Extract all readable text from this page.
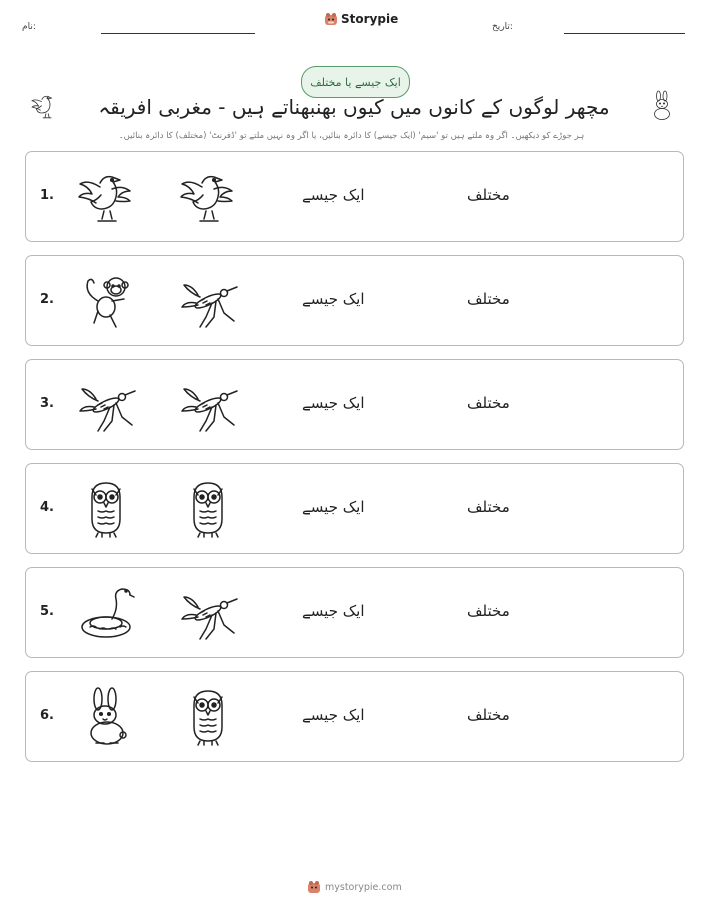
نام:
Storypie
تاریخ:
ایک جیسے یا مختلف
مچھر لوگوں کے کانوں میں کیوں بھنبھناتے ہیں - مغربی افریقہ
ہر جوڑے کو دیکھیں۔ اگر وہ ملتے ہیں تو 'سیم' (ایک جیسے) کا دائرہ بنائیں، یا اگر وہ نہیں ملتے تو 'ڈفرنٹ' (مختلف) کا دائرہ بنائیں۔
1.	ایک جیسے	مختلف
2.	ایک جیسے	مختلف
3.	ایک جیسے	مختلف
4.	ایک جیسے	مختلف
5.	ایک جیسے	مختلف
6.	ایک جیسے	مختلف
mystorypie.com
